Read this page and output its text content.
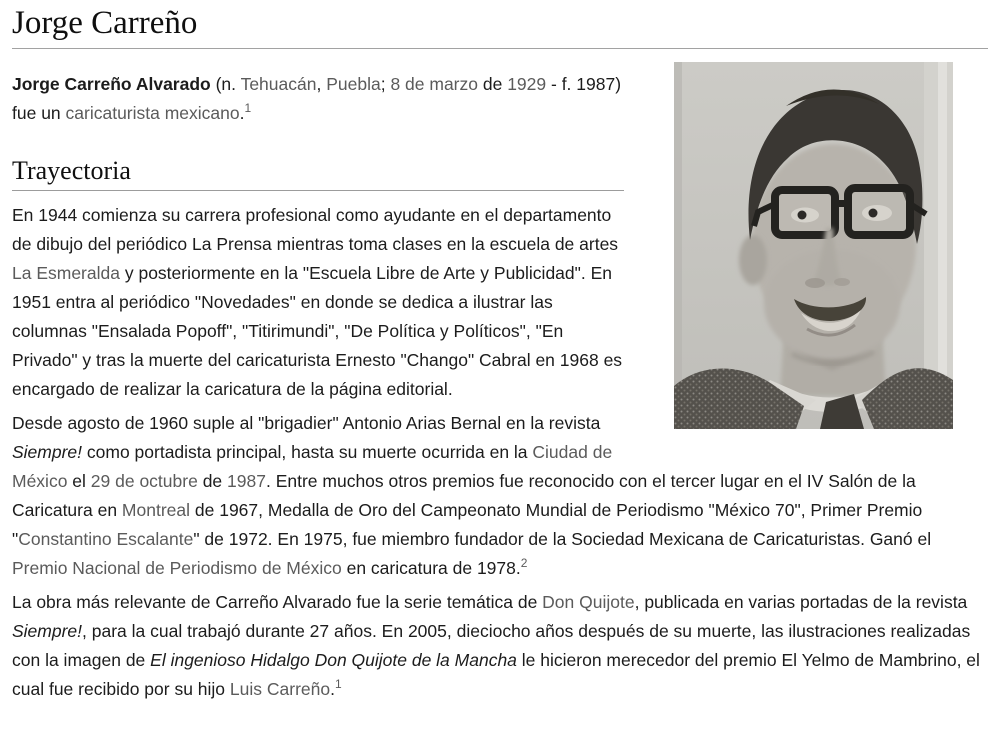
Jorge Carreño

Jorge Carreño Alvarado (n. Tehuacán, Puebla; 8 de marzo de 1929 - f. 1987) fue un caricaturista mexicano.$^1$

Trayectoria

En 1944 comienza su carrera profesional como ayudante en el departamento de dibujo del periódico La Prensa mientras toma clases en la escuela de artes La Esmeralda y posteriormente en la "Escuela Libre de Arte y Publicidad". En 1951 entra al periódico "Novedades" en donde se dedica a ilustrar las columnas "Ensalada Popoff", "Titirimundi", "De Política y Políticos", "En Privado" y tras la muerte del caricaturista Ernesto "Chango" Cabral en 1968 es encargado de realizar la caricatura de la página editorial.

Desde agosto de 1960 suple al "brigadier" Antonio Arias Bernal en la revista Siempre! como portadista principal, hasta su muerte ocurrida en la Ciudad de México el 29 de octubre de 1987. Entre muchos otros premios fue reconocido con el tercer lugar en el IV Salón de la Caricatura en Montreal de 1967, Medalla de Oro del Campeonato Mundial de Periodismo "México 70", Primer Premio "Constantino Escalante" de 1972. En 1975, fue miembro fundador de la Sociedad Mexicana de Caricaturistas. Ganó el Premio Nacional de Periodismo de México en caricatura de 1978.$^2$

La obra más relevante de Carreño Alvarado fue la serie temática de Don Quijote, publicada en varias portadas de la revista Siempre!, para la cual trabajó durante 27 años. En 2005, dieciocho años después de su muerte, las ilustraciones realizadas con la imagen de El ingenioso Hidalgo Don Quijote de la Mancha le hicieron merecedor del premio El Yelmo de Mambrino, el cual fue recibido por su hijo Luis Carreño.$^1$
